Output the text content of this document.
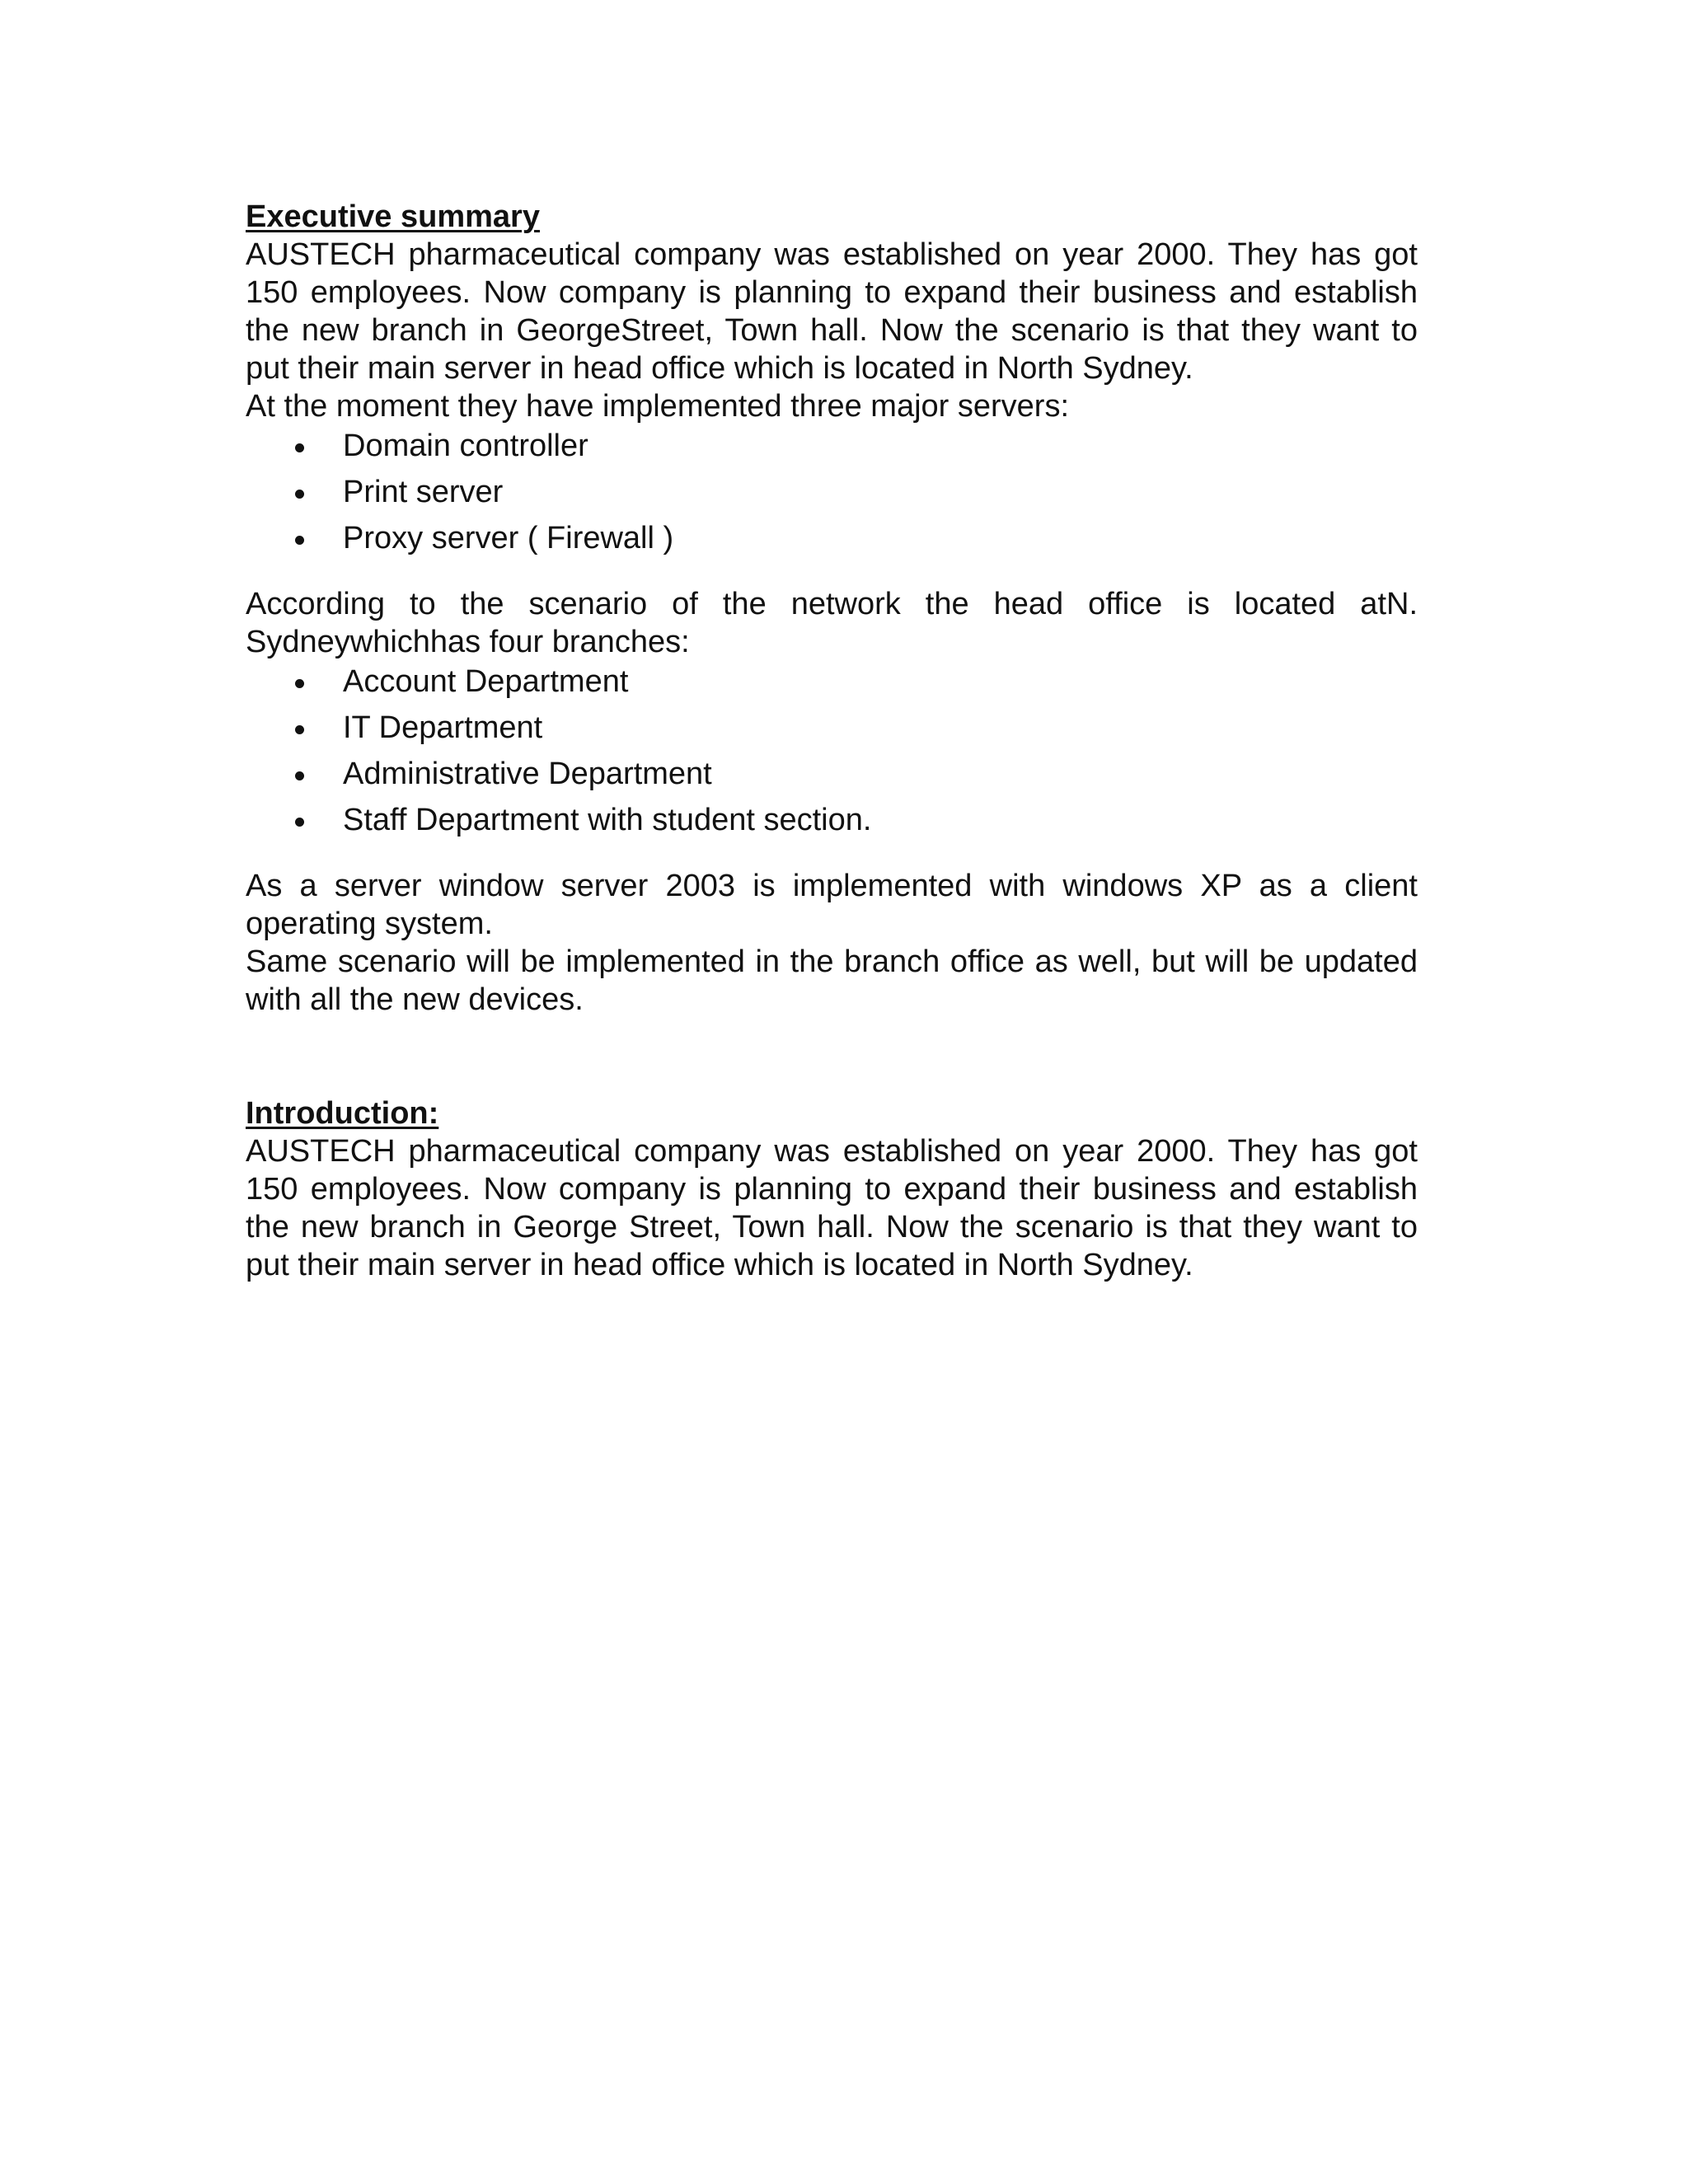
Executive summary

AUSTECH pharmaceutical company was established on year 2000. They has got 150 employees. Now company is planning to expand their business and establish the new branch in GeorgeStreet, Town hall. Now the scenario is that they want to put their main server in head office which is located in North Sydney.

At the moment they have implemented three major servers:

Domain controller
Print server
Proxy server ( Firewall )

According to the scenario of the network the head office is located atN. Sydneywhichhas four branches:

Account Department
IT Department
Administrative Department
Staff Department with student section.

As a server window server 2003 is implemented with windows XP as a client operating system.

Same scenario will be implemented in the branch office as well, but will be updated with all the new devices.

Introduction:

AUSTECH pharmaceutical company was established on year 2000. They has got 150 employees. Now company is planning to expand their business and establish the new branch in George Street, Town hall. Now the scenario is that they want to put their main server in head office which is located in North Sydney.
